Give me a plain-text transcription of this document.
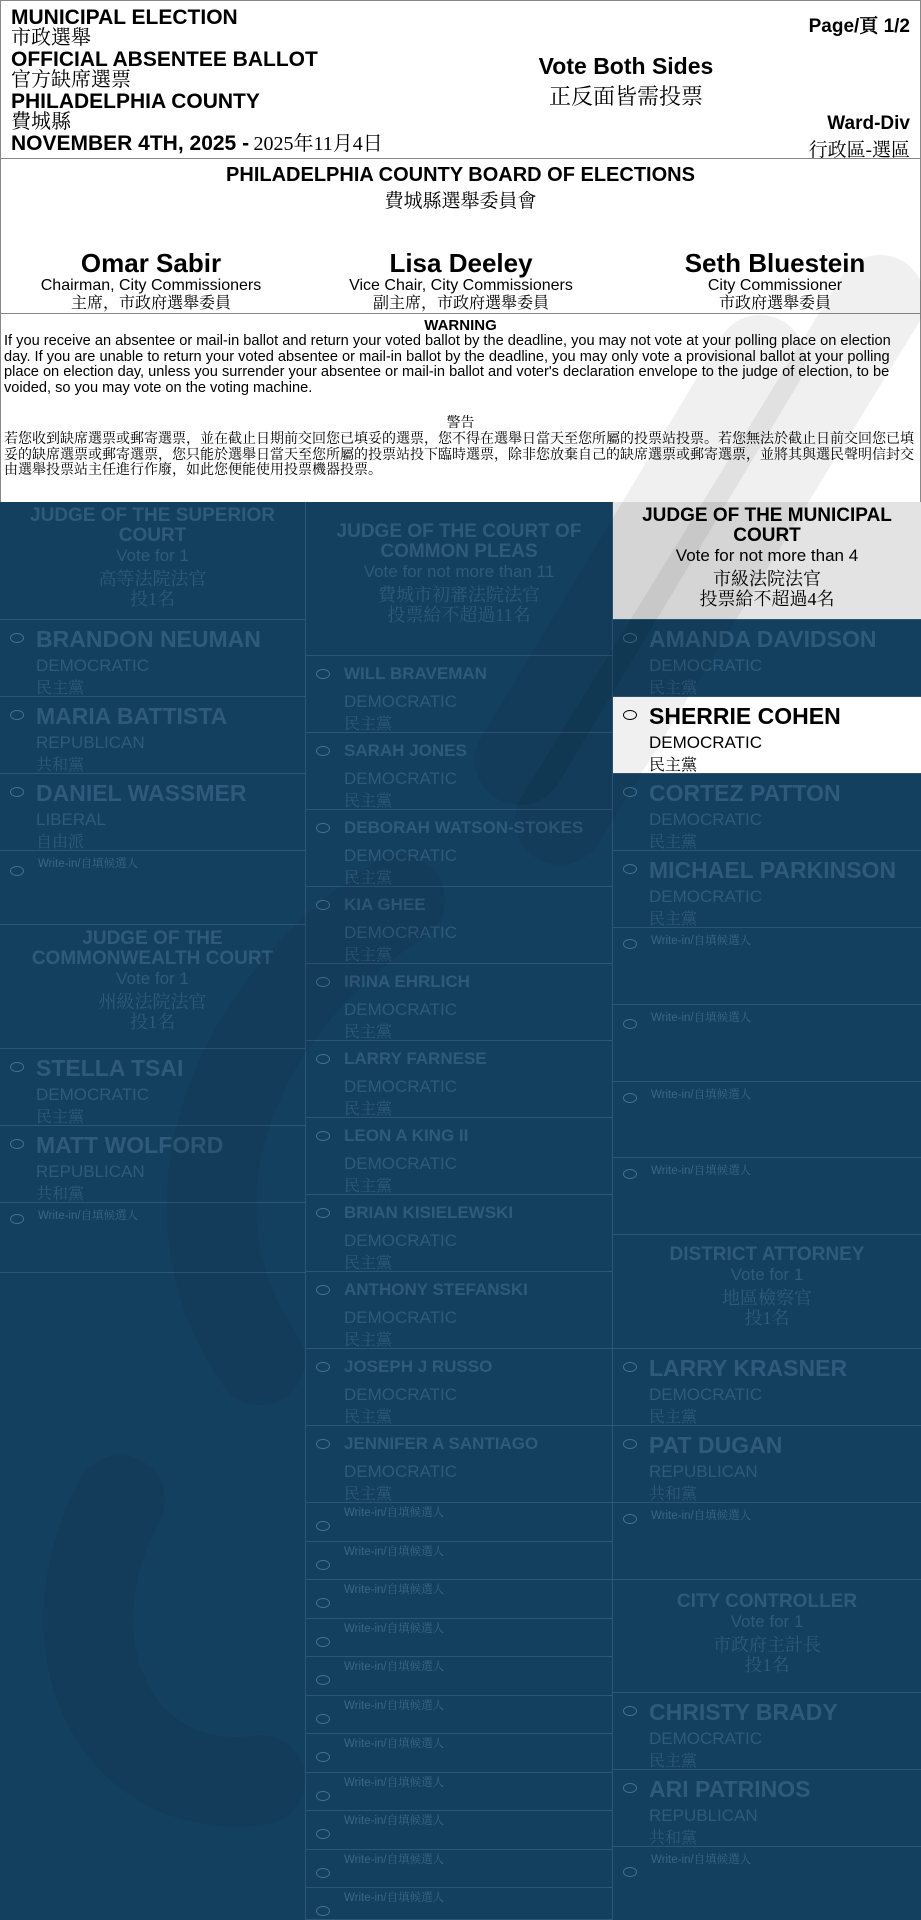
MUNICIPAL ELECTION
市政選舉
OFFICIAL ABSENTEE BALLOT
官方缺席選票
PHILADELPHIA COUNTY
費城縣
NOVEMBER 4TH, 2025 - 2025年11月4日
Vote Both Sides
正反面皆需投票
Page/頁 1/2
Ward-Div
行政區-選區
PHILADELPHIA COUNTY BOARD OF ELECTIONS
費城縣選舉委員會
Omar Sabir
Chairman, City Commissioners
主席，市政府選舉委員
Lisa Deeley
Vice Chair, City Commissioners
副主席，市政府選舉委員
Seth Bluestein
City Commissioner
市政府選舉委員
WARNING
If you receive an absentee or mail-in ballot and return your voted ballot by the deadline, you may not vote at your polling place on election day. If you are unable to return your voted absentee or mail-in ballot by the deadline, you may only vote a provisional ballot at your polling place on election day, unless you surrender your absentee or mail-in ballot and voter's declaration envelope to the judge of election, to be voided, so you may vote on the voting machine.
警告
若您收到缺席選票或郵寄選票，並在截止日期前交回您已填妥的選票，您不得在選舉日當天至您所屬的投票站投票。若您無法於截止日前交回您已填妥的缺席選票或郵寄選票，您只能於選舉日當天至您所屬的投票站投下臨時選票，除非您放棄自己的缺席選票或郵寄選票，並將其與選民聲明信封交由選舉投票站主任進行作廢，如此您便能使用投票機器投票。
JUDGE OF THE SUPERIOR COURT
Vote for 1
高等法院法官
投1名
BRANDON NEUMAN
DEMOCRATIC
民主黨
MARIA BATTISTA
REPUBLICAN
共和黨
DANIEL WASSMER
LIBERAL
自由派
Write-in/自填候選人
JUDGE OF THE COMMONWEALTH COURT
Vote for 1
州級法院法官
投1名
STELLA TSAI
DEMOCRATIC
民主黨
MATT WOLFORD
REPUBLICAN
共和黨
Write-in/自填候選人
JUDGE OF THE COURT OF COMMON PLEAS
Vote for not more than 11
費城市初審法院法官
投票給不超過11名
WILL BRAVEMAN
DEMOCRATIC
民主黨
SARAH JONES
DEMOCRATIC
民主黨
DEBORAH WATSON-STOKES
DEMOCRATIC
民主黨
KIA GHEE
DEMOCRATIC
民主黨
IRINA EHRLICH
DEMOCRATIC
民主黨
LARRY FARNESE
DEMOCRATIC
民主黨
LEON A KING II
DEMOCRATIC
民主黨
BRIAN KISIELEWSKI
DEMOCRATIC
民主黨
ANTHONY STEFANSKI
DEMOCRATIC
民主黨
JOSEPH J RUSSO
DEMOCRATIC
民主黨
JENNIFER A SANTIAGO
DEMOCRATIC
民主黨
Write-in/自填候選人
Write-in/自填候選人
Write-in/自填候選人
Write-in/自填候選人
Write-in/自填候選人
Write-in/自填候選人
Write-in/自填候選人
Write-in/自填候選人
Write-in/自填候選人
Write-in/自填候選人
Write-in/自填候選人
JUDGE OF THE MUNICIPAL COURT
Vote for not more than 4
市級法院法官
投票給不超過4名
AMANDA DAVIDSON
DEMOCRATIC
民主黨
SHERRIE COHEN
DEMOCRATIC
民主黨
CORTEZ PATTON
DEMOCRATIC
民主黨
MICHAEL PARKINSON
DEMOCRATIC
民主黨
Write-in/自填候選人
Write-in/自填候選人
Write-in/自填候選人
Write-in/自填候選人
DISTRICT ATTORNEY
Vote for 1
地區檢察官
投1名
LARRY KRASNER
DEMOCRATIC
民主黨
PAT DUGAN
REPUBLICAN
共和黨
Write-in/自填候選人
CITY CONTROLLER
Vote for 1
市政府主計長
投1名
CHRISTY BRADY
DEMOCRATIC
民主黨
ARI PATRINOS
REPUBLICAN
共和黨
Write-in/自填候選人
